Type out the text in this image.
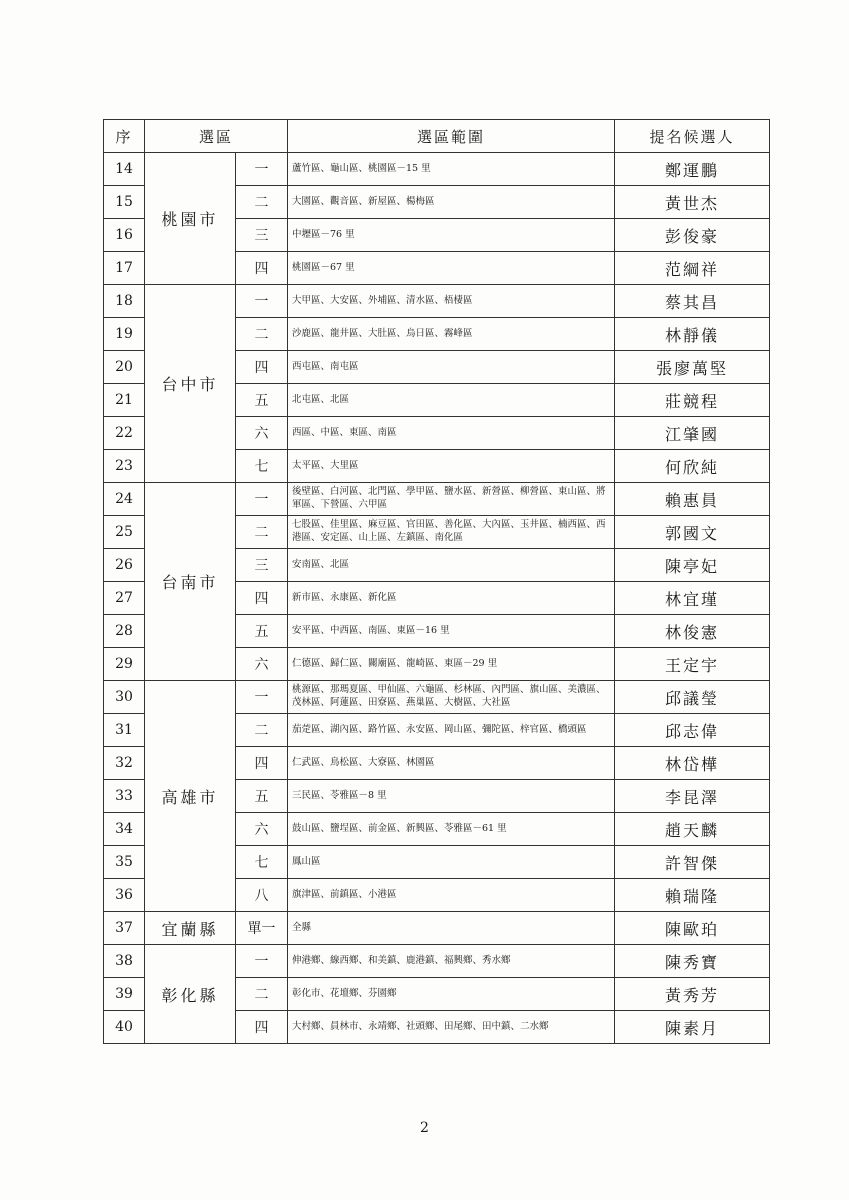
序	選區		選區範圍	提名候選人
14	桃園市	一	蘆竹區、龜山區、桃園區－15 里	鄭運鵬
15		二	大園區、觀音區、新屋區、楊梅區	黃世杰
16		三	中壢區－76 里	彭俊豪
17		四	桃園區－67 里	范綱祥
18	台中市	一	大甲區、大安區、外埔區、清水區、梧棲區	蔡其昌
19		二	沙鹿區、龍井區、大肚區、烏日區、霧峰區	林靜儀
20		四	西屯區、南屯區	張廖萬堅
21		五	北屯區、北區	莊競程
22		六	西區、中區、東區、南區	江肇國
23		七	太平區、大里區	何欣純
24	台南市	一	後壁區、白河區、北門區、學甲區、鹽水區、新營區、柳營區、東山區、將軍區、下營區、六甲區	賴惠員
25		二	七股區、佳里區、麻豆區、官田區、善化區、大內區、玉井區、楠西區、西港區、安定區、山上區、左鎮區、南化區	郭國文
26		三	安南區、北區	陳亭妃
27		四	新市區、永康區、新化區	林宜瑾
28		五	安平區、中西區、南區、東區－16 里	林俊憲
29		六	仁德區、歸仁區、關廟區、龍崎區、東區－29 里	王定宇
30	高雄市	一	桃源區、那瑪夏區、甲仙區、六龜區、杉林區、內門區、旗山區、美濃區、茂林區、阿蓮區、田寮區、燕巢區、大樹區、大社區	邱議瑩
31		二	茄萣區、湖內區、路竹區、永安區、岡山區、彌陀區、梓官區、橋頭區	邱志偉
32		四	仁武區、鳥松區、大寮區、林園區	林岱樺
33		五	三民區、苓雅區－8 里	李昆澤
34		六	鼓山區、鹽埕區、前金區、新興區、苓雅區－61 里	趙天麟
35		七	鳳山區	許智傑
36		八	旗津區、前鎮區、小港區	賴瑞隆
37	宜蘭縣	單一	全縣	陳歐珀
38	彰化縣	一	伸港鄉、線西鄉、和美鎮、鹿港鎮、福興鄉、秀水鄉	陳秀寶
39		二	彰化市、花壇鄉、芬園鄉	黃秀芳
40		四	大村鄉、員林市、永靖鄉、社頭鄉、田尾鄉、田中鎮、二水鄉	陳素月
2
